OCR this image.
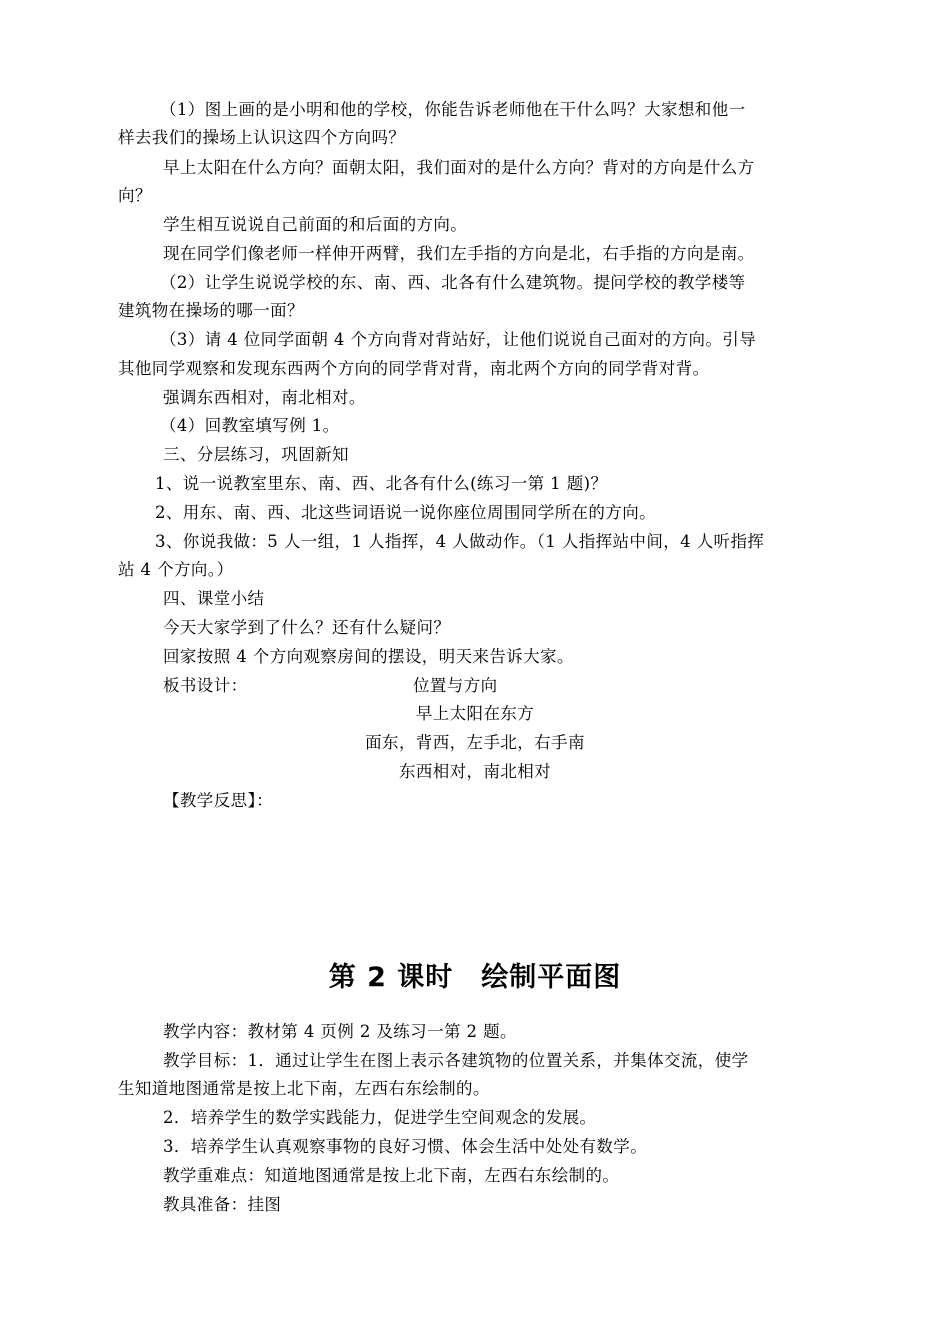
（1）图上画的是小明和他的学校，你能告诉老师他在干什么吗？大家想和他一
样去我们的操场上认识这四个方向吗？
早上太阳在什么方向？面朝太阳，我们面对的是什么方向？背对的方向是什么方
向？
学生相互说说自己前面的和后面的方向。
现在同学们像老师一样伸开两臂，我们左手指的方向是北，右手指的方向是南。
（2）让学生说说学校的东、南、西、北各有什么建筑物。提问学校的教学楼等
建筑物在操场的哪一面？
（3）请 4 位同学面朝 4 个方向背对背站好，让他们说说自己面对的方向。引导
其他同学观察和发现东西两个方向的同学背对背，南北两个方向的同学背对背。
强调东西相对，南北相对。
（4）回教室填写例 1。
三、分层练习，巩固新知
1、说一说教室里东、南、西、北各有什么(练习一第 1 题)？
2、用东、南、西、北这些词语说一说你座位周围同学所在的方向。
3、你说我做：5 人一组，1 人指挥，4 人做动作。（1 人指挥站中间，4 人听指挥
站 4 个方向。）
四、课堂小结
今天大家学到了什么？还有什么疑问？
回家按照 4 个方向观察房间的摆设，明天来告诉大家。
板书设计：	位置与方向
早上太阳在东方
面东，背西，左手北，右手南
东西相对，南北相对
【教学反思】：
第 2 课时　绘制平面图
教学内容：教材第 4 页例 2 及练习一第 2 题。
教学目标：1．通过让学生在图上表示各建筑物的位置关系，并集体交流，使学
生知道地图通常是按上北下南，左西右东绘制的。
2．培养学生的数学实践能力，促进学生空间观念的发展。
3．培养学生认真观察事物的良好习惯、体会生活中处处有数学。
教学重难点：知道地图通常是按上北下南，左西右东绘制的。
教具准备：挂图
